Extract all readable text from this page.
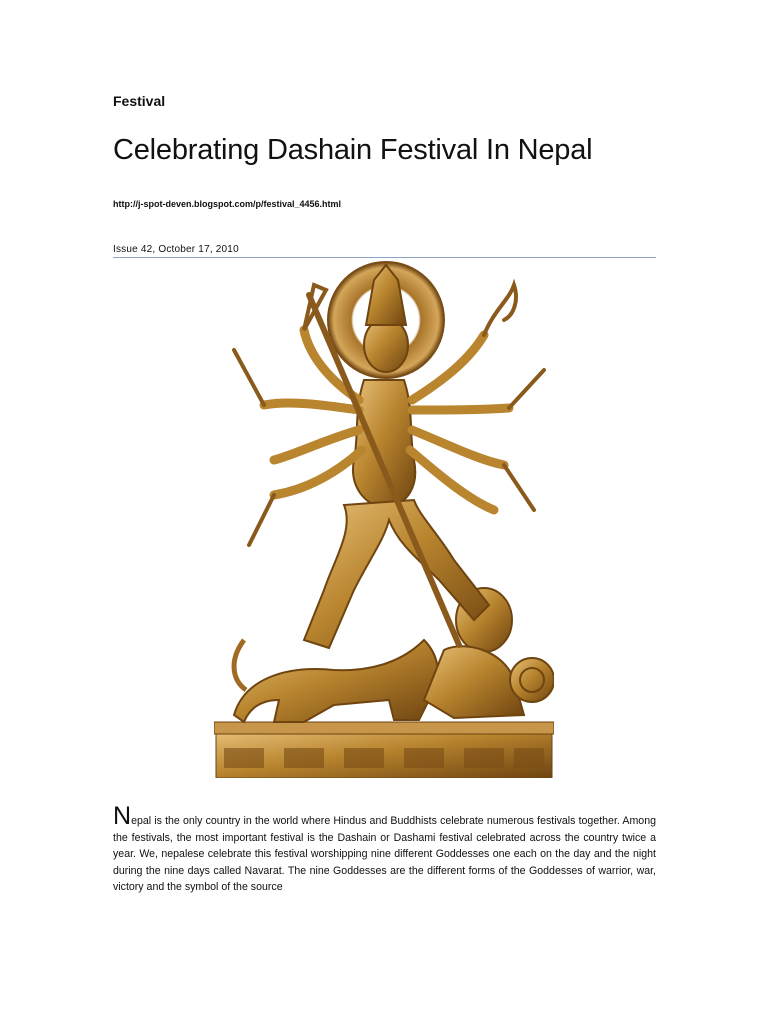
Festival

Celebrating Dashain Festival In Nepal

http://j-spot-deven.blogspot.com/p/festival_4456.html

Issue 42, October 17, 2010

Nepal is the only country in the world where Hindus and Buddhists celebrate numerous festivals together. Among the festivals, the most important festival is the Dashain or Dashami festival celebrated across the country twice a year. We, nepalese celebrate this festival worshipping nine different Goddesses one each on the day and the night during the nine days called Navarat. The nine Goddesses are the different forms of the Goddesses of warrior, war, victory and the symbol of the source
